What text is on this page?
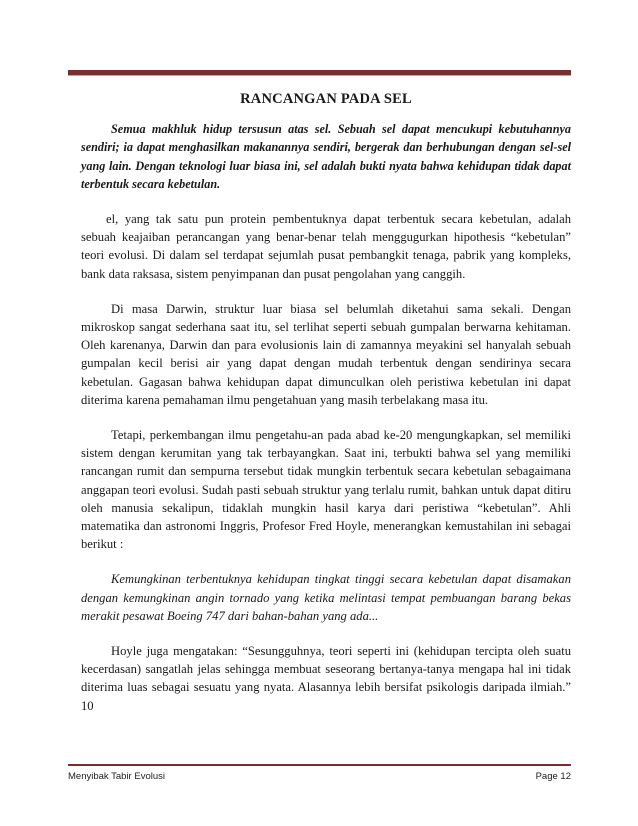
RANCANGAN PADA SEL

Semua makhluk hidup tersusun atas sel. Sebuah sel dapat mencukupi kebutuhannya sendiri; ia dapat menghasilkan makanannya sendiri, bergerak dan berhubungan dengan sel-sel yang lain. Dengan teknologi luar biasa ini, sel adalah bukti nyata bahwa kehidupan tidak dapat terbentuk secara kebetulan.

el, yang tak satu pun protein pembentuknya dapat terbentuk secara kebetulan, adalah sebuah keajaiban perancangan yang benar-benar telah menggugurkan hipothesis “kebetulan” teori evolusi. Di dalam sel terdapat sejumlah pusat pembangkit tenaga, pabrik yang kompleks, bank data raksasa, sistem penyimpanan dan pusat pengolahan yang canggih.

Di masa Darwin, struktur luar biasa sel belumlah diketahui sama sekali. Dengan mikroskop sangat sederhana saat itu, sel terlihat seperti sebuah gumpalan berwarna kehitaman. Oleh karenanya, Darwin dan para evolusionis lain di zamannya meyakini sel hanyalah sebuah gumpalan kecil berisi air yang dapat dengan mudah terbentuk dengan sendirinya secara kebetulan. Gagasan bahwa kehidupan dapat dimunculkan oleh peristiwa kebetulan ini dapat diterima karena pemahaman ilmu pengetahuan yang masih terbelakang masa itu.

Tetapi, perkembangan ilmu pengetahu-an pada abad ke-20 mengungkapkan, sel memiliki sistem dengan kerumitan yang tak terbayangkan. Saat ini, terbukti bahwa sel yang memiliki rancangan rumit dan sempurna tersebut tidak mungkin terbentuk secara kebetulan sebagaimana anggapan teori evolusi. Sudah pasti sebuah struktur yang terlalu rumit, bahkan untuk dapat ditiru oleh manusia sekalipun, tidaklah mungkin hasil karya dari peristiwa “kebetulan”. Ahli matematika dan astronomi Inggris, Profesor Fred Hoyle, menerangkan kemustahilan ini sebagai berikut :

Kemungkinan terbentuknya kehidupan tingkat tinggi secara kebetulan dapat disamakan dengan kemungkinan angin tornado yang ketika melintasi tempat pembuangan barang bekas merakit pesawat Boeing 747 dari bahan-bahan yang ada...

Hoyle juga mengatakan: “Sesungguhnya, teori seperti ini (kehidupan tercipta oleh suatu kecerdasan) sangatlah jelas sehingga membuat seseorang bertanya-tanya mengapa hal ini tidak diterima luas sebagai sesuatu yang nyata. Alasannya lebih bersifat psikologis daripada ilmiah.” 10

Menyibak Tabir Evolusi	Page 12
